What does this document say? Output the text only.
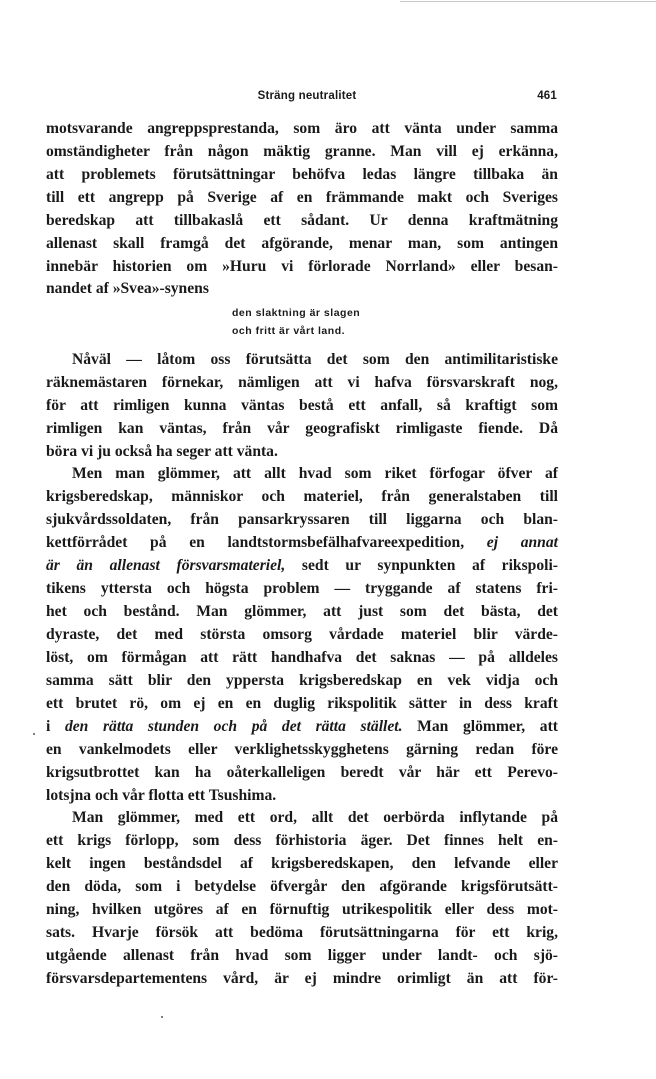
Sträng neutralitet	461
motsvarande angreppsprestanda, som äro att vänta under samma
omständigheter från någon mäktig granne. Man vill ej erkänna,
att problemets förutsättningar behöfva ledas längre tillbaka än
till ett angrepp på Sverige af en främmande makt och Sveriges
beredskap att tillbakaslå ett sådant. Ur denna kraftmätning
allenast skall framgå det afgörande, menar man, som antingen
innebär historien om »Huru vi förlorade Norrland» eller besan-
nandet af »Svea»-synens
den slaktning är slagen
och fritt är vårt land.
Nåväl — låtom oss förutsätta det som den antimilitaristiske
räknemästaren förnekar, nämligen att vi hafva försvarskraft nog,
för att rimligen kunna väntas bestå ett anfall, så kraftigt som
rimligen kan väntas, från vår geografiskt rimligaste fiende. Då
böra vi ju också ha seger att vänta.
Men man glömmer, att allt hvad som riket förfogar öfver af
krigsberedskap, människor och materiel, från generalstaben till
sjukvårdssoldaten, från pansarkryssaren till liggarna och blan-
kettförrådet på en landtstormsbefälhafvareexpedition, ej annat
är än allenast försvarsmateriel, sedt ur synpunkten af rikspoli-
tikens yttersta och högsta problem — tryggande af statens fri-
het och bestånd. Man glömmer, att just som det bästa, det
dyraste, det med största omsorg vårdade materiel blir värde-
löst, om förmågan att rätt handhafva det saknas — på alldeles
samma sätt blir den yppersta krigsberedskap en vek vidja och
ett brutet rö, om ej en en duglig rikspolitik sätter in dess kraft
i den rätta stunden och på det rätta stället. Man glömmer, att
en vankelmodets eller verklighetsskygghetens gärning redan före
krigsutbrottet kan ha oåterkalleligen beredt vår här ett Perevo-
lotsjna och vår flotta ett Tsushima.
Man glömmer, med ett ord, allt det oerbörda inflytande på
ett krigs förlopp, som dess förhistoria äger. Det finnes helt en-
kelt ingen beståndsdel af krigsberedskapen, den lefvande eller
den döda, som i betydelse öfvergår den afgörande krigsförutsätt-
ning, hvilken utgöres af en förnuftig utrikespolitik eller dess mot-
sats. Hvarje försök att bedöma förutsättningarna för ett krig,
utgående allenast från hvad som ligger under landt- och sjö-
försvarsdepartementens vård, är ej mindre orimligt än att för-
